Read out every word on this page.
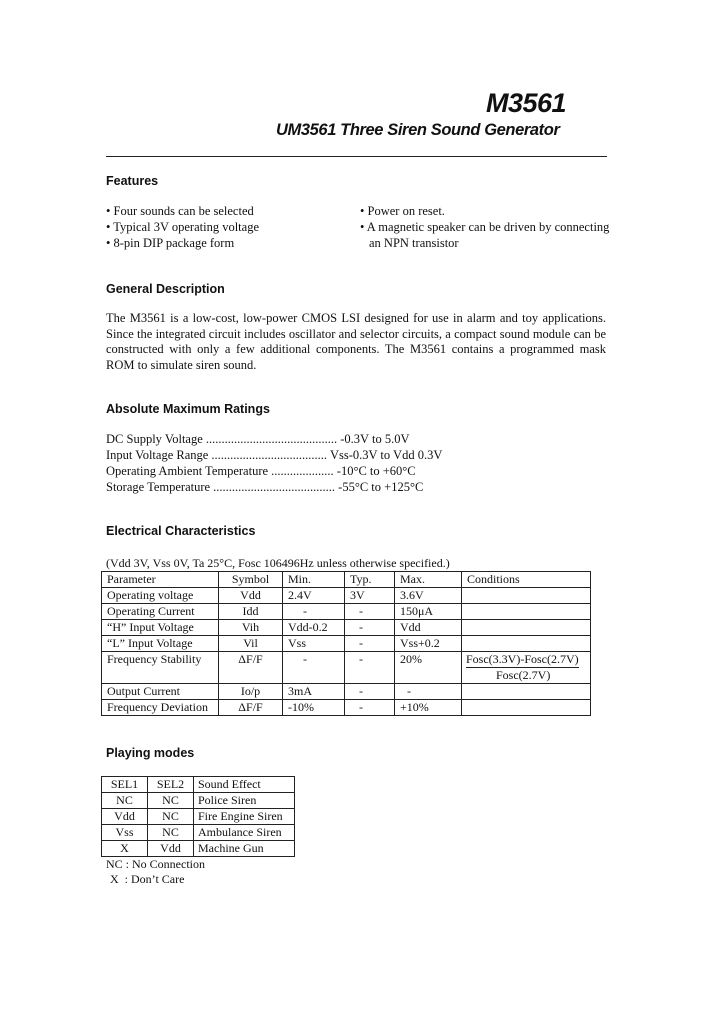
M3561
UM3561 Three Siren Sound Generator
Features
• Four sounds can be selected
• Typical 3V operating voltage
• 8-pin DIP package form
• Power on reset.
• A magnetic speaker can be driven by connecting
an NPN transistor
General Description
The M3561 is a low-cost, low-power CMOS LSI designed for use in alarm and toy applications. Since the integrated circuit includes oscillator and selector circuits, a compact sound module can be constructed with only a few additional components. The M3561 contains a programmed mask ROM to simulate siren sound.
Absolute Maximum Ratings
DC Supply Voltage .......................................... -0.3V to 5.0V
Input Voltage Range ..................................... Vss-0.3V to Vdd 0.3V
Operating Ambient Temperature .................... -10°C to +60°C
Storage Temperature ....................................... -55°C to +125°C
Electrical Characteristics
(Vdd 3V, Vss 0V, Ta 25°C, Fosc 106496Hz unless otherwise specified.)
Parameter	Symbol	Min.	Typ.	Max.	Conditions
Operating voltage	Vdd	2.4V	3V	3.6V	
Operating Current	Idd	-	-	150μA	
“H” Input Voltage	Vih	Vdd-0.2	-	Vdd	
“L” Input Voltage	Vil	Vss	-	Vss+0.2	
Frequency Stability	ΔF/F	-	-	20%	Fosc(3.3V)-Fosc(2.7V)
Fosc(2.7V)

Output Current	Io/p	3mA	-	-	
Frequency Deviation	ΔF/F	-10%	-	+10%	
Playing modes
SEL1	SEL2	Sound Effect
NC	NC	Police Siren
Vdd	NC	Fire Engine Siren
Vss	NC	Ambulance Siren
X	Vdd	Machine Gun
NC : No Connection
X  : Don’t Care
